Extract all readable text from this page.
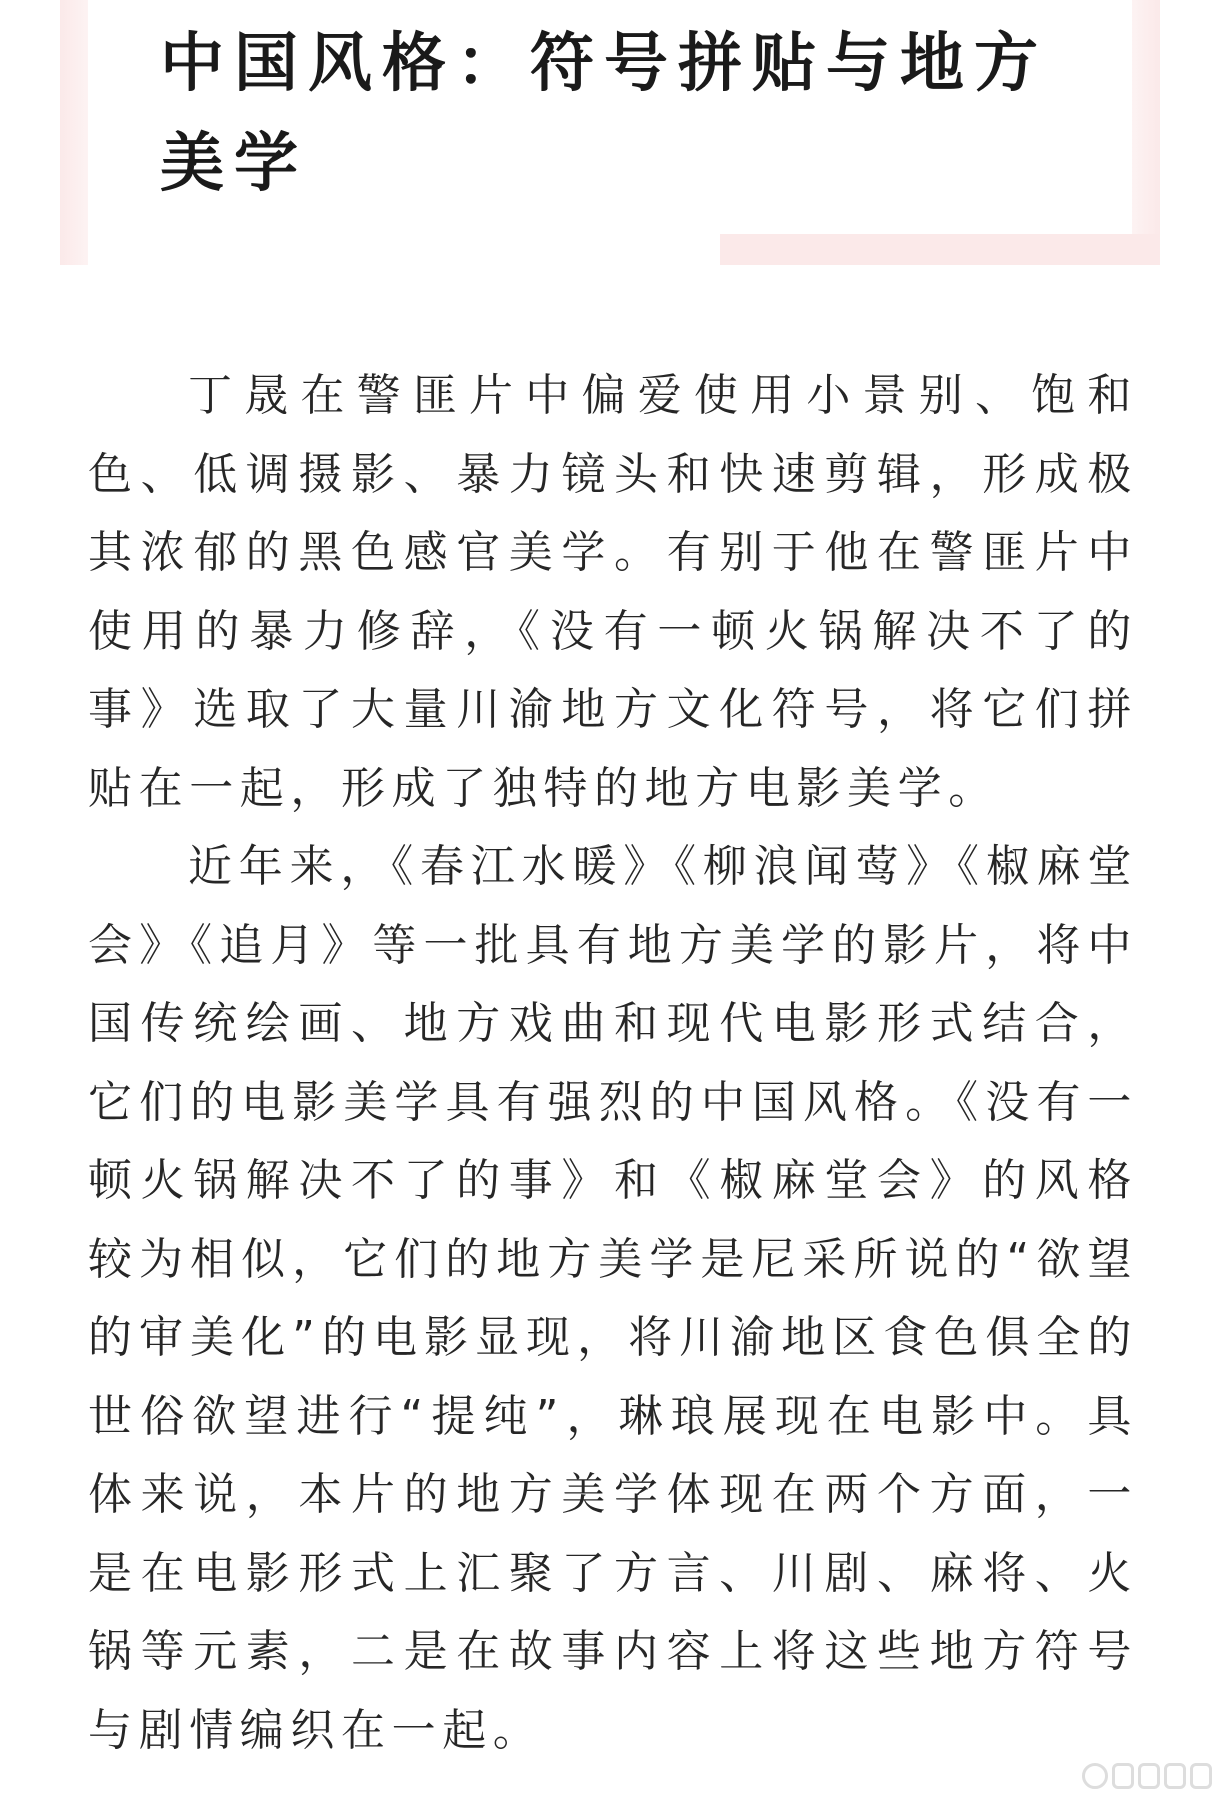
中国风格：符号拼贴与地方美学

丁晟在警匪片中偏爱使用小景别、饱和色、低调摄影、暴力镜头和快速剪辑，形成极其浓郁的黑色感官美学。有别于他在警匪片中使用的暴力修辞，《没有一顿火锅解决不了的事》选取了大量川渝地方文化符号，将它们拼贴在一起，形成了独特的地方电影美学。

近年来，《春江水暖》《柳浪闻莺》《椒麻堂会》《追月》等一批具有地方美学的影片，将中国传统绘画、地方戏曲和现代电影形式结合，它们的电影美学具有强烈的中国风格。《没有一顿火锅解决不了的事》和《椒麻堂会》的风格较为相似，它们的地方美学是尼采所说的“欲望的审美化”的电影显现，将川渝地区食色俱全的世俗欲望进行“提纯”，琳琅展现在电影中。具体来说，本片的地方美学体现在两个方面，一是在电影形式上汇聚了方言、川剧、麻将、火锅等元素，二是在故事内容上将这些地方符号与剧情编织在一起。
